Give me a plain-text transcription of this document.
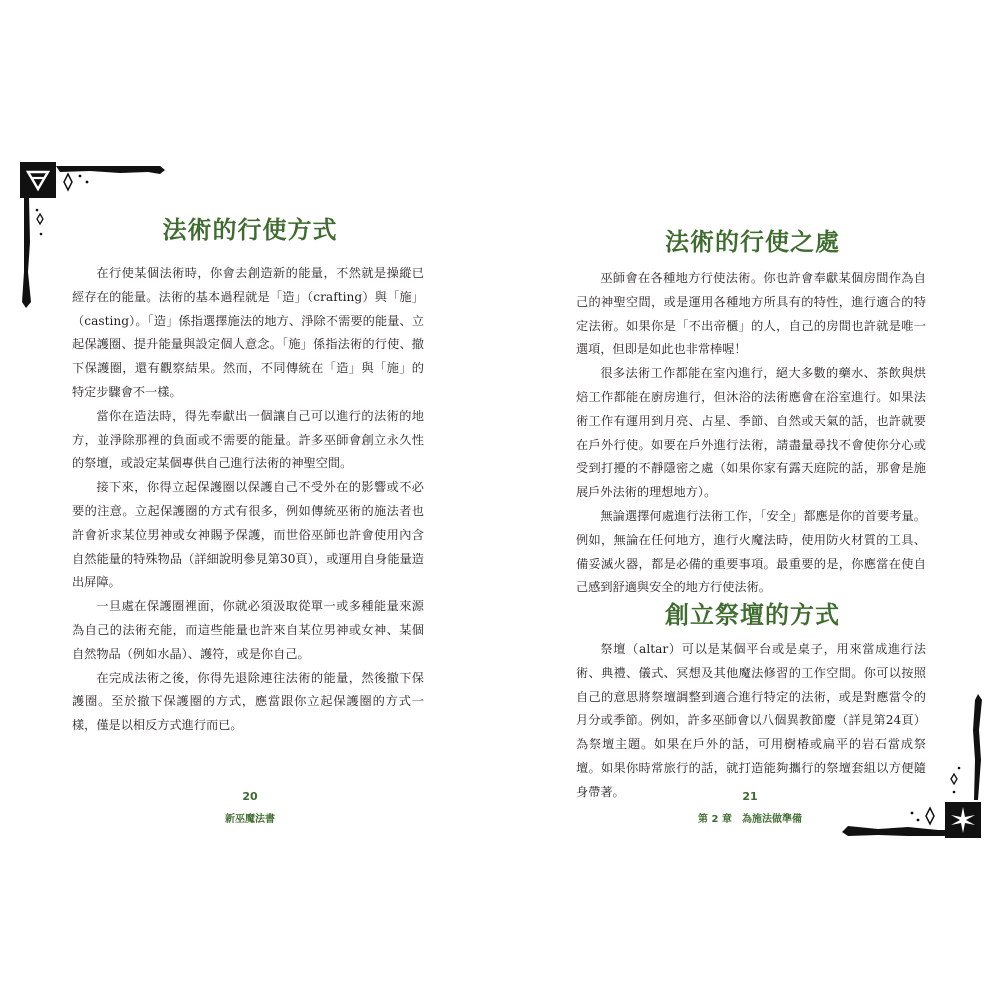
法術的行使方式

在行使某個法術時，你會去創造新的能量，不然就是操縱已經存在的能量。法術的基本過程就是「造」（crafting）與「施」（casting）。「造」係指選擇施法的地方、淨除不需要的能量、立起保護圈、提升能量與設定個人意念。「施」係指法術的行使、撤下保護圈，還有觀察結果。然而，不同傳統在「造」與「施」的特定步驟會不一樣。

當你在造法時，得先奉獻出一個讓自己可以進行的法術的地方，並淨除那裡的負面或不需要的能量。許多巫師會創立永久性的祭壇，或設定某個專供自己進行法術的神聖空間。

接下來，你得立起保護圈以保護自己不受外在的影響或不必要的注意。立起保護圈的方式有很多，例如傳統巫術的施法者也許會祈求某位男神或女神賜予保護，而世俗巫師也許會使用內含自然能量的特殊物品（詳細說明參見第30頁），或運用自身能量造出屏障。

一旦處在保護圈裡面，你就必須汲取從單一或多種能量來源為自己的法術充能，而這些能量也許來自某位男神或女神、某個自然物品（例如水晶）、護符，或是你自己。

在完成法術之後，你得先退除連往法術的能量，然後撤下保護圈。至於撤下保護圈的方式，應當跟你立起保護圈的方式一樣，僅是以相反方式進行而已。

20
新巫魔法書
法術的行使之處

巫師會在各種地方行使法術。你也許會奉獻某個房間作為自己的神聖空間，或是運用各種地方所具有的特性，進行適合的特定法術。如果你是「不出帝櫃」的人，自己的房間也許就是唯一選項，但即是如此也非常棒喔！

很多法術工作都能在室內進行，絕大多數的藥水、茶飲與烘焙工作都能在廚房進行，但沐浴的法術應會在浴室進行。如果法術工作有運用到月亮、占星、季節、自然或天氣的話，也許就要在戶外行使。如要在戶外進行法術，請盡量尋找不會使你分心或受到打擾的不靜隱密之處（如果你家有露天庭院的話，那會是施展戶外法術的理想地方）。

無論選擇何處進行法術工作，「安全」都應是你的首要考量。例如，無論在任何地方，進行火魔法時，使用防火材質的工具、備妥滅火器，都是必備的重要事項。最重要的是，你應當在使自己感到舒適與安全的地方行使法術。

創立祭壇的方式

祭壇（altar）可以是某個平台或是桌子，用來當成進行法術、典禮、儀式、冥想及其他魔法修習的工作空間。你可以按照自己的意思將祭壇調整到適合進行特定的法術，或是對應當令的月分或季節。例如，許多巫師會以八個異教節慶（詳見第24頁）為祭壇主題。如果在戶外的話，可用樹椿或扁平的岩石當成祭壇。如果你時常旅行的話，就打造能夠攜行的祭壇套組以方便隨身帶著。	21
第 2 章　為施法做準備
